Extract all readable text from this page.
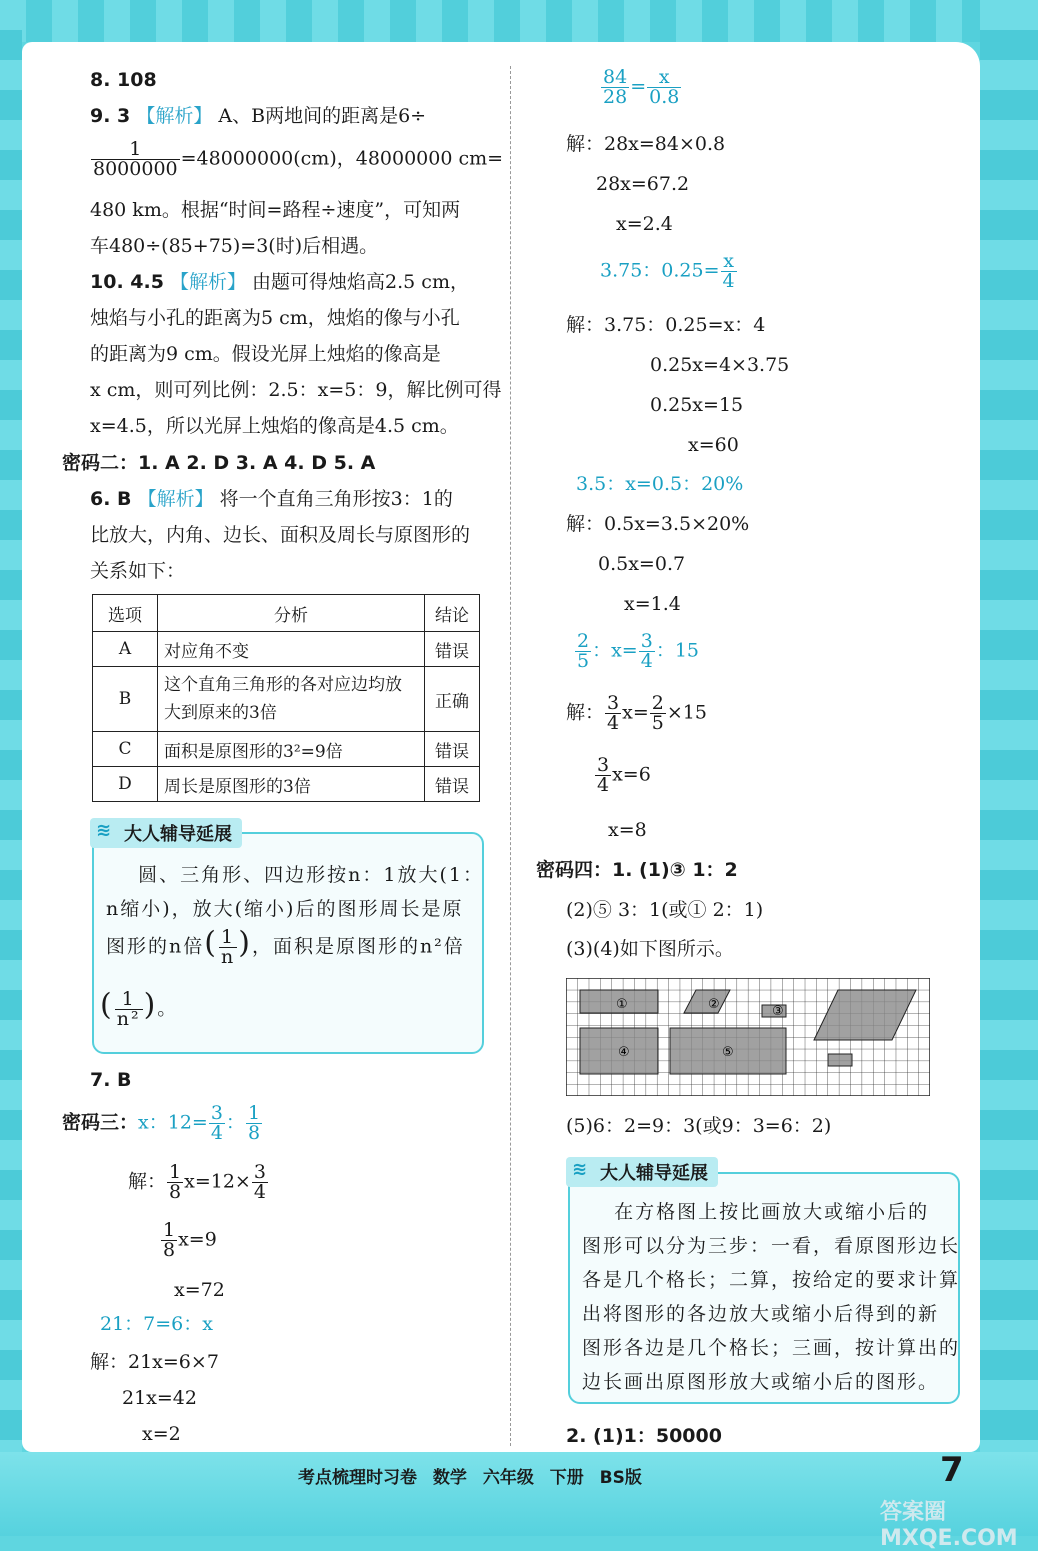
8. 108
9. 3 【解析】 A、B两地间的距离是6÷
$\frac{1}{8000000} =48000000(cm)$，48000000 cm=
480 km。根据“时间=路程÷速度”，可知两
车480÷(85+75)=3(时)后相遇。
10. 4.5 【解析】 由题可得烛焰高2.5 cm，
烛焰与小孔的距离为5 cm，烛焰的像与小孔
的距离为9 cm。假设光屏上烛焰的像高是
x cm，则可列比例：2.5：x=5：9，解比例可得
x=4.5，所以光屏上烛焰的像高是4.5 cm。
密码二：1. A 2. D 3. A 4. D 5. A
6. B 【解析】 将一个直角三角形按3：1的
比放大，内角、边长、面积及周长与原图形的
关系如下：
选项	分析	结论
A	对应角不变	错误
B	这个直角三角形的各对应边均放大到原来的3倍	正确
C	面积是原图形的3²=9倍	错误
D	周长是原图形的3倍	错误
≋ 大人辅导延展
圆、三角形、四边形按n：1放大(1：
n缩小)，放大(缩小)后的图形周长是原
图形的n倍( $\frac{1}{n}$ )，面积是原图形的n²倍
( $\frac{1}{\text{n²}}$ )。
7. B
密码三：x：$12= \frac{3}{4}$ ： $\frac{1}{8}$
解： $\frac{1}{8} x=12\times \frac{3}{4}$
$\frac{1}{8} x=9$
x=72
21：7=6：x
解：21x=6×7
21x=42
x=2
$\frac{84}{28} = \frac{x}{0.8}$
解：28x=84×0.8
28x=67.2
x=2.4
3.75：$0.25= \frac{x}{4}$
解：3.75：0.25=x：4
0.25x=4×3.75
0.25x=15
x=60
3.5：x=0.5：20%
解：0.5x=3.5×20%
0.5x=0.7
x=1.4
$\frac{2}{5}$ ：$x= \frac{3}{4}$ ：15
解： $\frac{3}{4} x= \frac{2}{5} \times 15$
$\frac{3}{4} x=6$
x=8
密码四：1. (1)③ 1：2
(2)⑤ 3：1(或① 2：1)
(3)(4)如下图所示。
①	②	③
④	⑤
(5)6：2=9：3(或9：3=6：2)
≋ 大人辅导延展
在方格图上按比画放大或缩小后的
图形可以分为三步：一看，看原图形边长
各是几个格长；二算，按给定的要求计算
出将图形的各边放大或缩小后得到的新
图形各边是几个格长；三画，按计算出的
边长画出原图形放大或缩小后的图形。
2. (1)1：50000
考点梳理时习卷 数学 六年级 下册 BS版	7
答案圈 MXQE.COM
